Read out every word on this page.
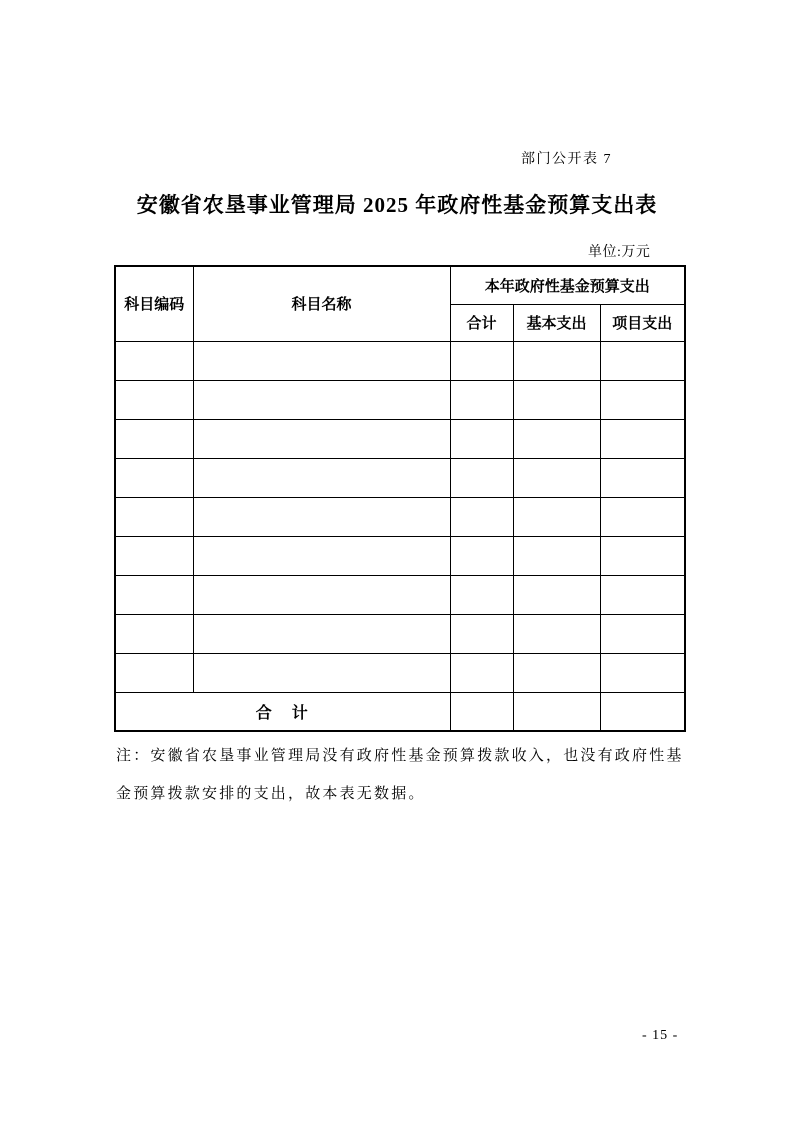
部门公开表 7
安徽省农垦事业管理局 2025 年政府性基金预算支出表
单位:万元
科目编码	科目名称	本年政府性基金预算支出		
		合计	基本支出	项目支出

合 计				
注：安徽省农垦事业管理局没有政府性基金预算拨款收入，也没有政府性基
金预算拨款安排的支出，故本表无数据。
- 15 -
